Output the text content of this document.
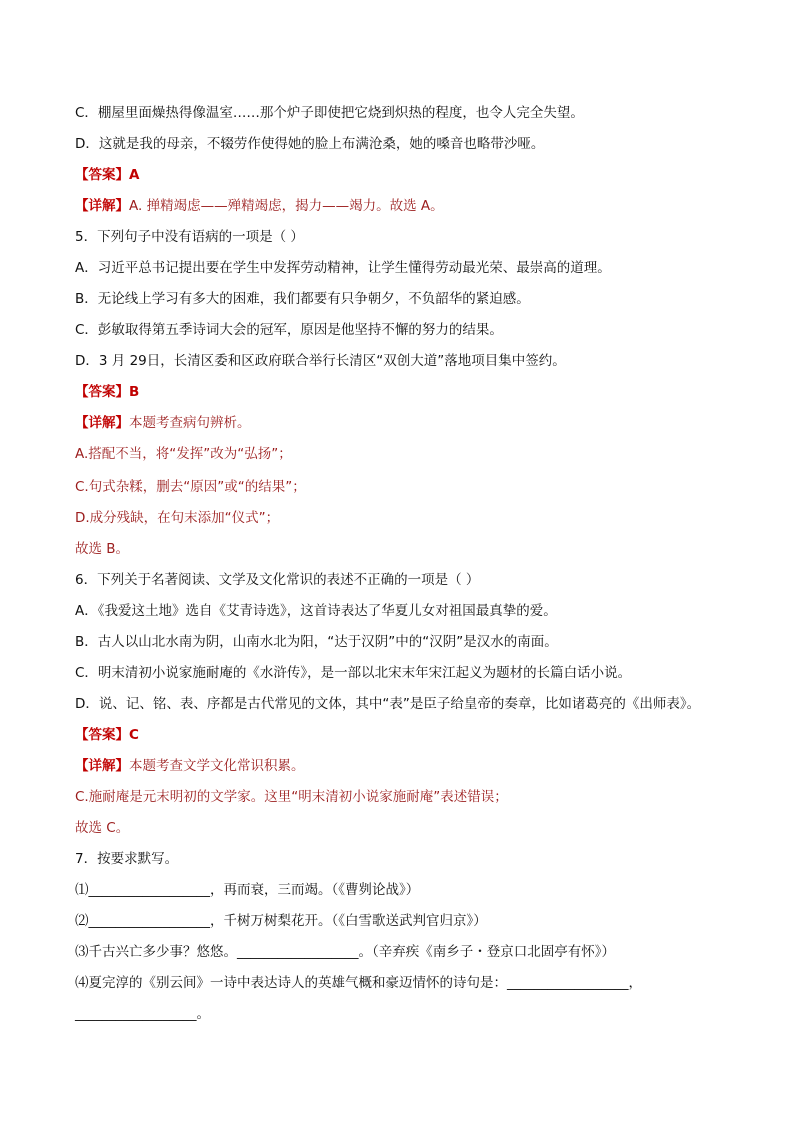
C．棚屋里面燥热得像温室……那个炉子即使把它烧到炽热的程度，也令人完全失望。
D．这就是我的母亲，不辍劳作使得她的脸上布满沧桑，她的嗓音也略带沙哑。
【答案】A
【详解】A. 掸精竭虑——殚精竭虑，揭力——竭力。故选 A。
5．下列句子中没有语病的一项是（ ）
A．习近平总书记提出要在学生中发挥劳动精神，让学生懂得劳动最光荣、最崇高的道理。
B．无论线上学习有多大的困难，我们都要有只争朝夕，不负韶华的紧迫感。
C．彭敏取得第五季诗词大会的冠军，原因是他坚持不懈的努力的结果。
D．3 月 29日，长清区委和区政府联合举行长清区“双创大道”落地项目集中签约。
【答案】B
【详解】本题考查病句辨析。
A.搭配不当，将“发挥”改为“弘扬”；
C.句式杂糅，删去“原因”或“的结果”；
D.成分残缺，在句末添加“仪式”；
故选 B。
6．下列关于名著阅读、文学及文化常识的表述不正确的一项是（ ）
A．《我爱这土地》选自《艾青诗选》，这首诗表达了华夏儿女对祖国最真挚的爱。
B．古人以山北水南为阴，山南水北为阳，“达于汉阴”中的“汉阴”是汉水的南面。
C．明末清初小说家施耐庵的《水浒传》，是一部以北宋末年宋江起义为题材的长篇白话小说。
D．说、记、铭、表、序都是古代常见的文体，其中“表”是臣子给皇帝的奏章，比如诸葛亮的《出师表》。
【答案】C
【详解】本题考查文学文化常识积累。
C.施耐庵是元末明初的文学家。这里“明末清初小说家施耐庵”表述错误；
故选 C。
7．按要求默写。
⑴__________________，再而衰，三而竭。（《曹刿论战》）
⑵__________________，千树万树梨花开。（《白雪歌送武判官归京》）
⑶千古兴亡多少事？悠悠。__________________。（辛弃疾《南乡子・登京口北固亭有怀》）
⑷夏完淳的《别云间》一诗中表达诗人的英雄气概和豪迈情怀的诗句是：__________________，
__________________。
